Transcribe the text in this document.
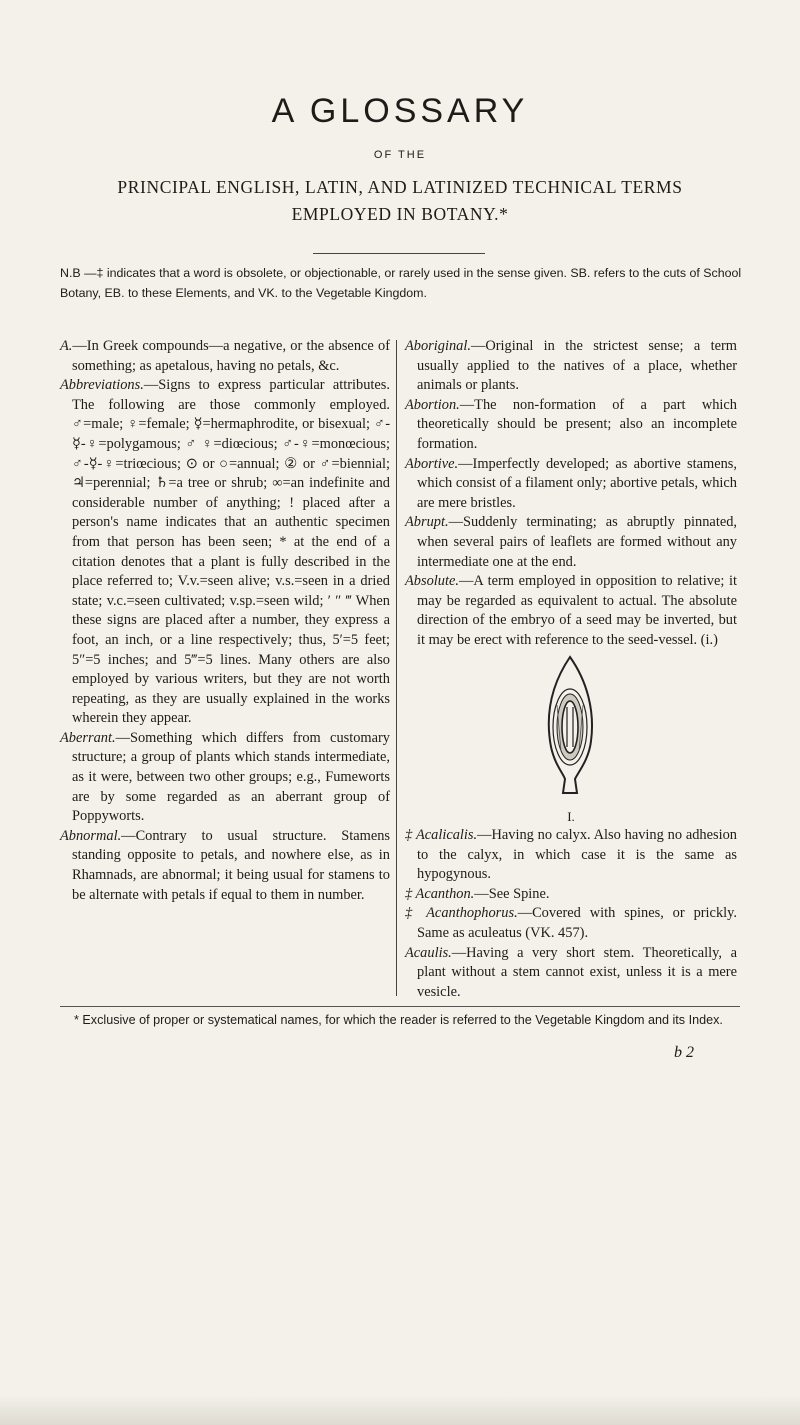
A GLOSSARY
OF THE
PRINCIPAL ENGLISH, LATIN, AND LATINIZED TECHNICAL TERMS
EMPLOYED IN BOTANY.*
N.B —‡ indicates that a word is obsolete, or objectionable, or rarely used in the sense given. SB. refers to the cuts of School Botany, EB. to these Elements, and VK. to the Vegetable Kingdom.

A.—In Greek compounds—a negative, or the absence of something; as apetalous, having no petals, &c.

Abbreviations.—Signs to express particular attributes. The following are those commonly employed. ♂=male; ♀=female; ☿=hermaphrodite, or bisexual; ♂-☿-♀=polygamous; ♂ ♀=diœcious; ♂-♀=monœcious; ♂-☿-♀=triœcious; ⊙ or ○=annual; ② or ♂=biennial; ♃=perennial; ♄=a tree or shrub; ∞=an indefinite and considerable number of anything; ! placed after a person's name indicates that an authentic specimen from that person has been seen; * at the end of a citation denotes that a plant is fully described in the place referred to; V.v.=seen alive; v.s.=seen in a dried state; v.c.=seen cultivated; v.sp.=seen wild; ′ ″ ‴ When these signs are placed after a number, they express a foot, an inch, or a line respectively; thus, 5′=5 feet; 5″=5 inches; and 5‴=5 lines. Many others are also employed by various writers, but they are not worth repeating, as they are usually explained in the works wherein they appear.

Aberrant.—Something which differs from customary structure; a group of plants which stands intermediate, as it were, between two other groups; e.g., Fumeworts are by some regarded as an aberrant group of Poppyworts.

Abnormal.—Contrary to usual structure. Stamens standing opposite to petals, and nowhere else, as in Rhamnads, are abnormal; it being usual for stamens to be alternate with petals if equal to them in number.

Aboriginal.—Original in the strictest sense; a term usually applied to the natives of a place, whether animals or plants.

Abortion.—The non-formation of a part which theoretically should be present; also an incomplete formation.

Abortive.—Imperfectly developed; as abortive stamens, which consist of a filament only; abortive petals, which are mere bristles.

Abrupt.—Suddenly terminating; as abruptly pinnated, when several pairs of leaflets are formed without any intermediate one at the end.

Absolute.—A term employed in opposition to relative; it may be regarded as equivalent to actual. The absolute direction of the embryo of a seed may be inverted, but it may be erect with reference to the seed-vessel. (i.)

I.

‡ Acalicalis.—Having no calyx. Also having no adhesion to the calyx, in which case it is the same as hypogynous.

‡ Acanthon.—See Spine.

‡ Acanthophorus.—Covered with spines, or prickly. Same as aculeatus (VK. 457).

Acaulis.—Having a very short stem. Theoretically, a plant without a stem cannot exist, unless it is a mere vesicle.

* Exclusive of proper or systematical names, for which the reader is referred to the Vegetable Kingdom and its Index.
b 2
